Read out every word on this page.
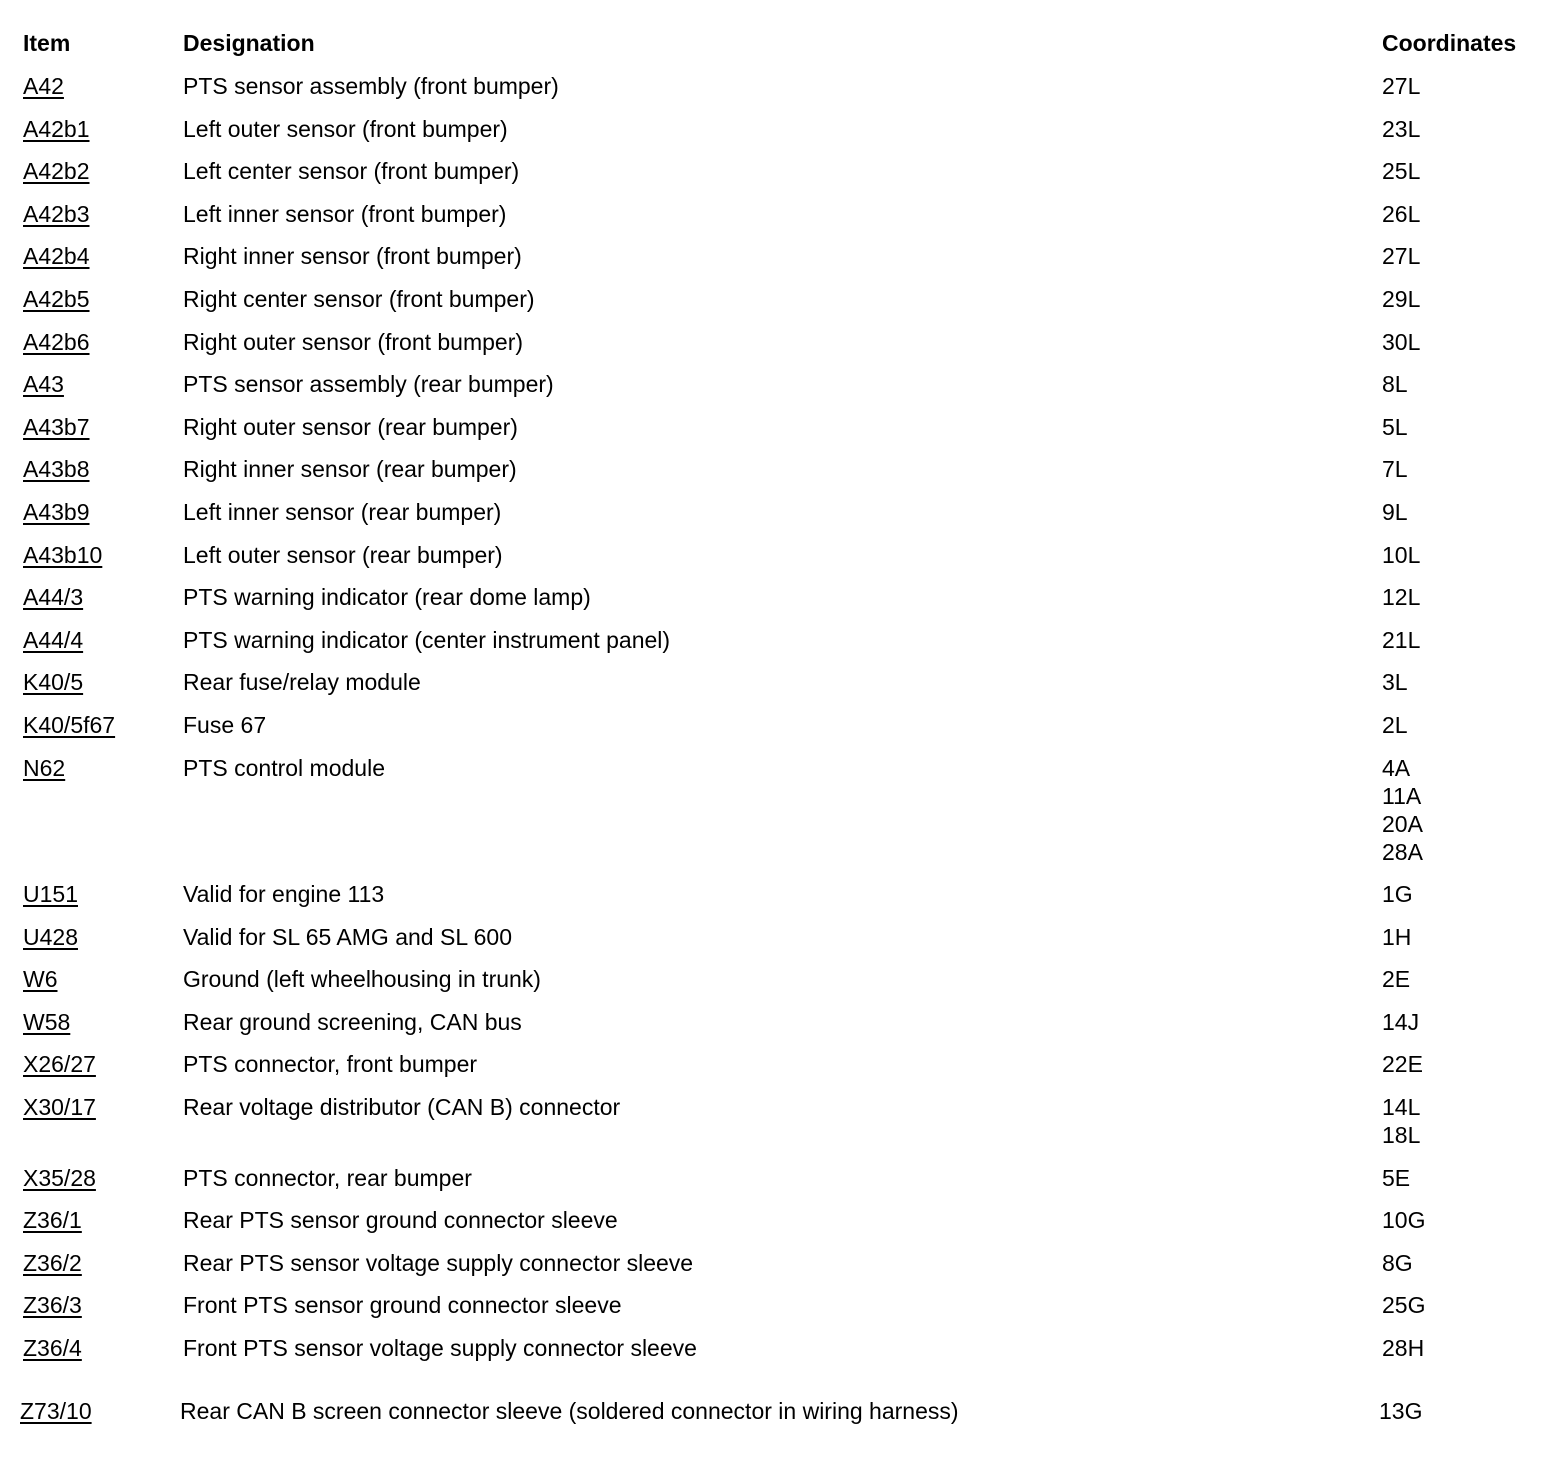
Item	Designation	Coordinates
A42	PTS sensor assembly (front bumper)	27L
A42b1	Left outer sensor (front bumper)	23L
A42b2	Left center sensor (front bumper)	25L
A42b3	Left inner sensor (front bumper)	26L
A42b4	Right inner sensor (front bumper)	27L
A42b5	Right center sensor (front bumper)	29L
A42b6	Right outer sensor (front bumper)	30L
A43	PTS sensor assembly (rear bumper)	8L
A43b7	Right outer sensor (rear bumper)	5L
A43b8	Right inner sensor (rear bumper)	7L
A43b9	Left inner sensor (rear bumper)	9L
A43b10	Left outer sensor (rear bumper)	10L
A44/3	PTS warning indicator (rear dome lamp)	12L
A44/4	PTS warning indicator (center instrument panel)	21L
K40/5	Rear fuse/relay module	3L
K40/5f67	Fuse 67	2L
N62	PTS control module	4A
11A
20A
28A
U151	Valid for engine 113	1G
U428	Valid for SL 65 AMG and SL 600	1H
W6	Ground (left wheelhousing in trunk)	2E
W58	Rear ground screening, CAN bus	14J
X26/27	PTS connector, front bumper	22E
X30/17	Rear voltage distributor (CAN B) connector	14L
18L
X35/28	PTS connector, rear bumper	5E
Z36/1	Rear PTS sensor ground connector sleeve	10G
Z36/2	Rear PTS sensor voltage supply connector sleeve	8G
Z36/3	Front PTS sensor ground connector sleeve	25G
Z36/4	Front PTS sensor voltage supply connector sleeve	28H
Z73/10	Rear CAN B screen connector sleeve (soldered connector in wiring harness)	13G
